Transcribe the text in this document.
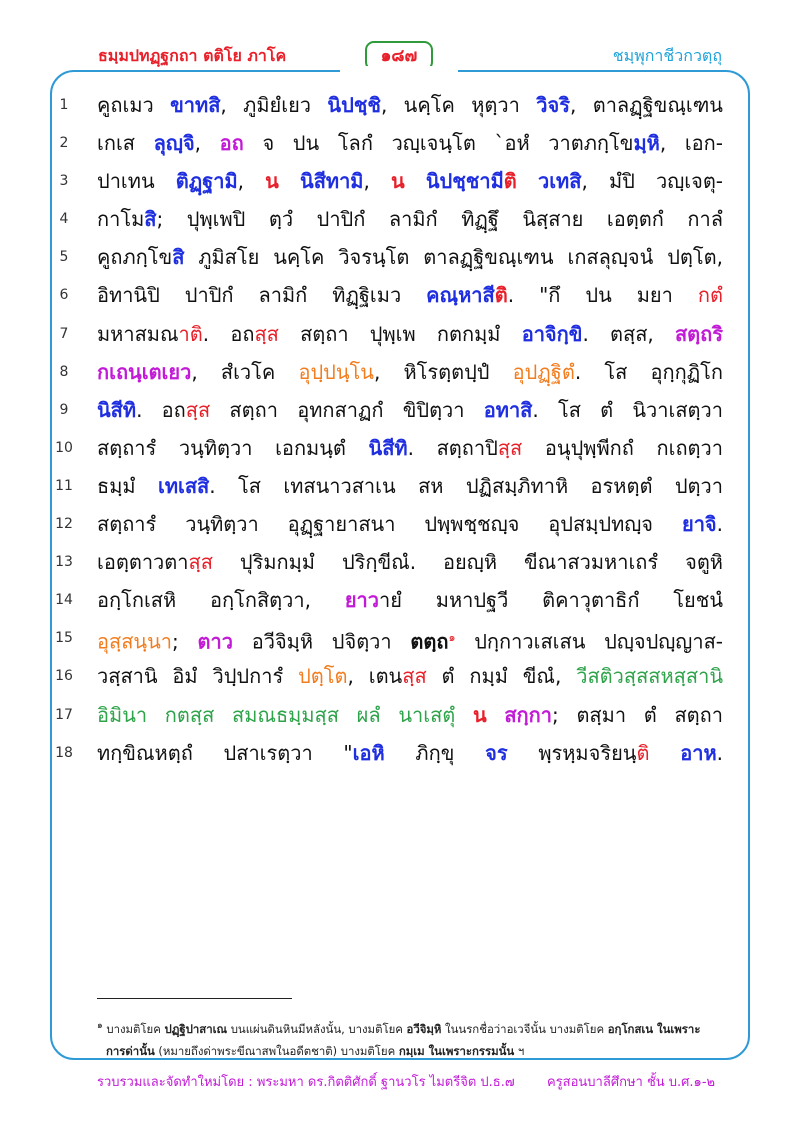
ธมฺมปทฏฺฐกถา ตติโย ภาโค	๑๘๗	ชมฺพุกาชีวกวตฺถุ
1	คูถเมว ขาทสิ, ภูมิยํเยว นิปชฺชิ, นคฺโค หุตฺวา วิจริ, ตาลฏฺฐิขณฺเฑน
2	เกเส ลุญฺจิ, อถ จ ปน โลกํ วญฺเจนฺโต `อหํ วาตภกฺโขมฺหิ, เอก-
3	ปาเทน ติฏฺฐามิ, น นิสีทามิ, น นิปชฺชามีติ วเทสิ, มํปิ วญฺเจตุ-
4	กาโมสิ; ปุพฺเพปิ ตฺวํ ปาปิกํ ลามิกํ ทิฏฺฐึ นิสฺสาย เอตฺตกํ กาลํ
5	คูถภกฺโขสิ ภูมิสโย นคฺโค วิจรนฺโต ตาลฏฺฐิขณฺเฑน เกสลุญฺจนํ ปตฺโต,
6	อิทานิปิ ปาปิกํ ลามิกํ ทิฏฺฐิเมว คณฺหาสีติ. "กึ ปน มยา กตํ
7	มหาสมณาติ. อถสฺส สตฺถา ปุพฺเพ กตกมฺมํ อาจิกฺขิ. ตสฺส, สตฺถริ
8	กเถนฺเตเยว, สํเวโค อุปฺปนฺโน, หิโรตฺตปฺปํ อุปฏฺฐิตํ. โส อุกฺกุฏิโก
9	นิสีทิ. อถสฺส สตฺถา อุทกสาฏกํ ขิปิตฺวา อทาสิ. โส ตํ นิวาเสตฺวา
10	สตฺถารํ วนฺทิตฺวา เอกมนฺตํ นิสีทิ. สตฺถาปิสฺส อนุปุพฺพีกถํ กเถตฺวา
11	ธมฺมํ เทเสสิ. โส เทสนาวสาเน สห ปฏิสมฺภิทาหิ อรหตฺตํ ปตฺวา
12	สตฺถารํ วนฺทิตฺวา อุฏฺฐายาสนา ปพฺพชฺชญฺจ อุปสมฺปทญฺจ ยาจิ.
13	เอตฺตาวตาสฺส ปุริมกมฺมํ ปริกฺขีณํ. อยญฺหิ ขีณาสวมหาเถรํ จตูหิ
14	อกฺโกเสหิ อกฺโกสิตฺวา, ยาวายํ มหาปฐวี ติคาวุตาธิกํ โยชนํ
15	อุสฺสนฺนา; ตาว อวีจิมฺหิ ปจิตฺวา ตตฺถ$^๑$ ปกฺกาวเสเสน ปญฺจปญฺญาส-
16	วสฺสานิ อิมํ วิปฺปการํ ปตฺโต, เตนสฺส ตํ กมฺมํ ขีณํ, วีสติวสฺสสหสฺสานิ
17	อิมินา กตสฺส สมณธมฺมสฺส ผลํ นาเสตุํ น สกฺกา; ตสฺมา ตํ สตฺถา
18	ทกฺขิณหตฺถํ ปสาเรตฺวา "เอหิ ภิกฺขุ จร พฺรหฺมจริยนฺติ อาห.
$^๑$ บางมติโยค ปฏฺฐิปาสาเณ บนแผ่นดินหินมีหลังนั้น, บางมติโยค อวีจิมฺหิ ในนรกชื่อว่าอเวจีนั้น บางมติโยค อกฺโกสเน ในเพราะ
การด่านั้น (หมายถึงด่าพระขีณาสพในอดีตชาติ) บางมติโยค กมฺเม ในเพราะกรรมนั้น ฯ
รวบรวมและจัดทำใหม่โดย : พระมหา ดร.กิตติศักดิ์ ฐานวโร ไมตรีจิต ป.ธ.๗ ครูสอนบาลีศึกษา ชั้น บ.ศ.๑-๒
